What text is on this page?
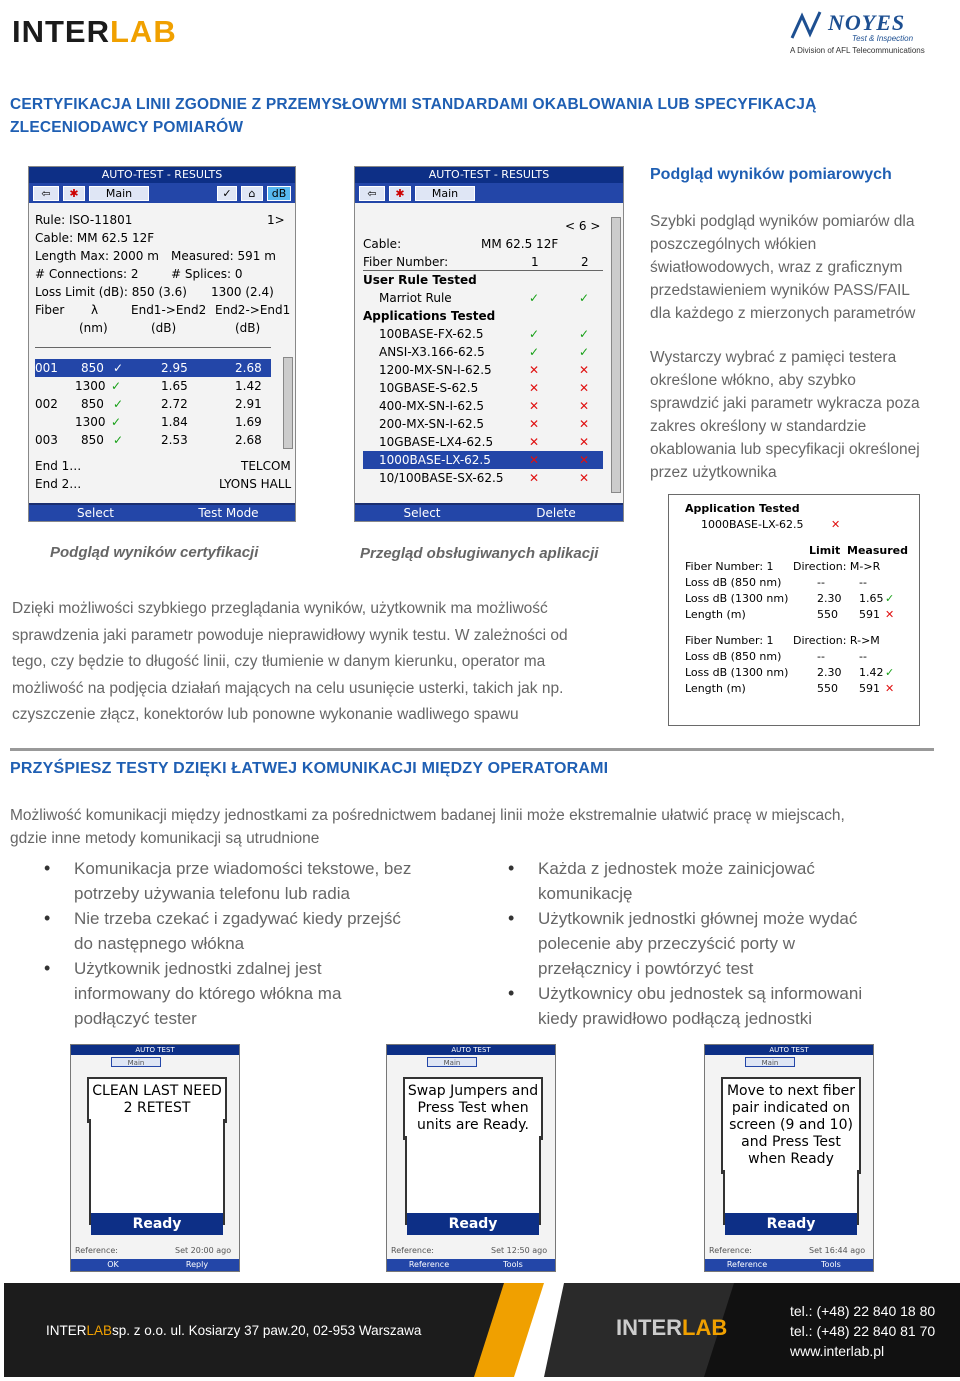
INTERLAB	NOYES
Test & Inspection
A Division of AFL Telecommunications
CERTYFIKACJA LINII ZGODNIE Z PRZEMYSŁOWYMI STANDARDAMI OKABLOWANIA LUB SPECYFIKACJĄ
ZLECENIODAWCY POMIARÓW
AUTO-TEST - RESULTS
⇦	✱	Main	✓	⌂	dB
Rule: ISO-11801	1>
Cable: MM 62.5 12F
Length Max: 2000 m Measured: 591 m
# Connections: 2	# Splices: 0
Loss Limit (dB): 850 (3.6) 1300 (2.4)
Fiber λ	End1->End2 End2->End1
(nm)	(dB)	(dB)
001 850 ✓	2.95	2.68
1300 ✓	1.65	1.42
002 850 ✓	2.72	2.91
1300 ✓	1.84	1.69
003 850 ✓	2.53	2.68
End 1…	TELCOM
End 2…	LYONS HALL
Select	Test Mode
AUTO-TEST - RESULTS
⇦	✱	Main
< 6 >
Cable:	MM 62.5 12F
Fiber Number:	1	2
User Rule Tested
Marriot Rule	✓	✓
Applications Tested
100BASE-FX-62.5	✓	✓
ANSI-X3.166-62.5	✓	✓
1200-MX-SN-I-62.5	✕	✕
10GBASE-S-62.5	✕	✕
400-MX-SN-I-62.5	✕	✕
200-MX-SN-I-62.5	✕	✕
10GBASE-LX4-62.5	✕	✕
1000BASE-LX-62.5	✕	✕
10/100BASE-SX-62.5 ✕	✕
Select	Delete
Podgląd wyników pomiarowych
Szybki podgląd wyników pomiarów dla
poszczególnych włókien
światłowodowych, wraz z graficznym
przedstawieniem wyników PASS/FAIL
dla każdego z mierzonych parametrów
Wystarczy wybrać z pamięci testera
określone włókno, aby szybko
sprawdzić jaki parametr wykracza poza
zakres określony w standardzie
okablowania lub specyfikacji określonej
przez użytkownika
Podgląd wyników certyfikacji	Przegląd obsługiwanych aplikacji
Dzięki możliwości szybkiego przeglądania wyników, użytkownik ma możliwość
sprawdzenia jaki parametr powoduje nieprawidłowy wynik testu. W zależności od
tego, czy będzie to długość linii, czy tłumienie w danym kierunku, operator ma
możliwość na podjęcia działań mających na celu usunięcie usterki, takich jak np.
czyszczenie złącz, konektorów lub ponowne wykonanie wadliwego spawu
Application Tested
1000BASE-LX-62.5 ✕
Limit Measured
Fiber Number: 1 Direction: M->R
Loss dB (850 nm)	--	--
Loss dB (1300 nm)	2.30 1.65 ✓
Length (m)	550 591 ✕
Fiber Number: 1 Direction: R->M
Loss dB (850 nm)	--	--
Loss dB (1300 nm)	2.30 1.42 ✓
Length (m)	550 591 ✕
PRZYŚPIESZ TESTY DZIĘKI ŁATWEJ KOMUNIKACJI MIĘDZY OPERATORAMI
Możliwość komunikacji między jednostkami za pośrednictwem badanej linii może ekstremalnie ułatwić pracę w miejscach,
gdzie inne metody komunikacji są utrudnione
• Komunikacja prze wiadomości tekstowe, bez
potrzeby używania telefonu lub radia
• Nie trzeba czekać i zgadywać kiedy przejść
do następnego włókna
• Użytkownik jednostki zdalnej jest
informowany do którego włókna ma
podłączyć tester
• Każda z jednostek może zainicjować
komunikację
• Użytkownik jednostki głównej może wydać
polecenie aby przeczyścić porty w
przełącznicy i powtórzyć test
• Użytkownicy obu jednostek są informowani
kiedy prawidłowo podłączą jednostki
AUTO TEST
Main
CLEAN LAST NEED
2 RETEST
Ready
Reference:	Set 20:00 ago
OK	Reply
AUTO TEST
Main
Swap Jumpers and
Press Test when
units are Ready.
Ready
Reference:	Set 12:50 ago
Reference	Tools
AUTO TEST
Main
Move to next fiber
pair indicated on
screen (9 and 10)
and Press Test
when Ready
Ready
Reference:	Set 16:44 ago
Reference	Tools
INTERLABsp. z o.o. ul. Kosiarzy 37 paw.20, 02-953 Warszawa	INTERLAB
tel.: (+48) 22 840 18 80
tel.: (+48) 22 840 81 70
www.interlab.pl
